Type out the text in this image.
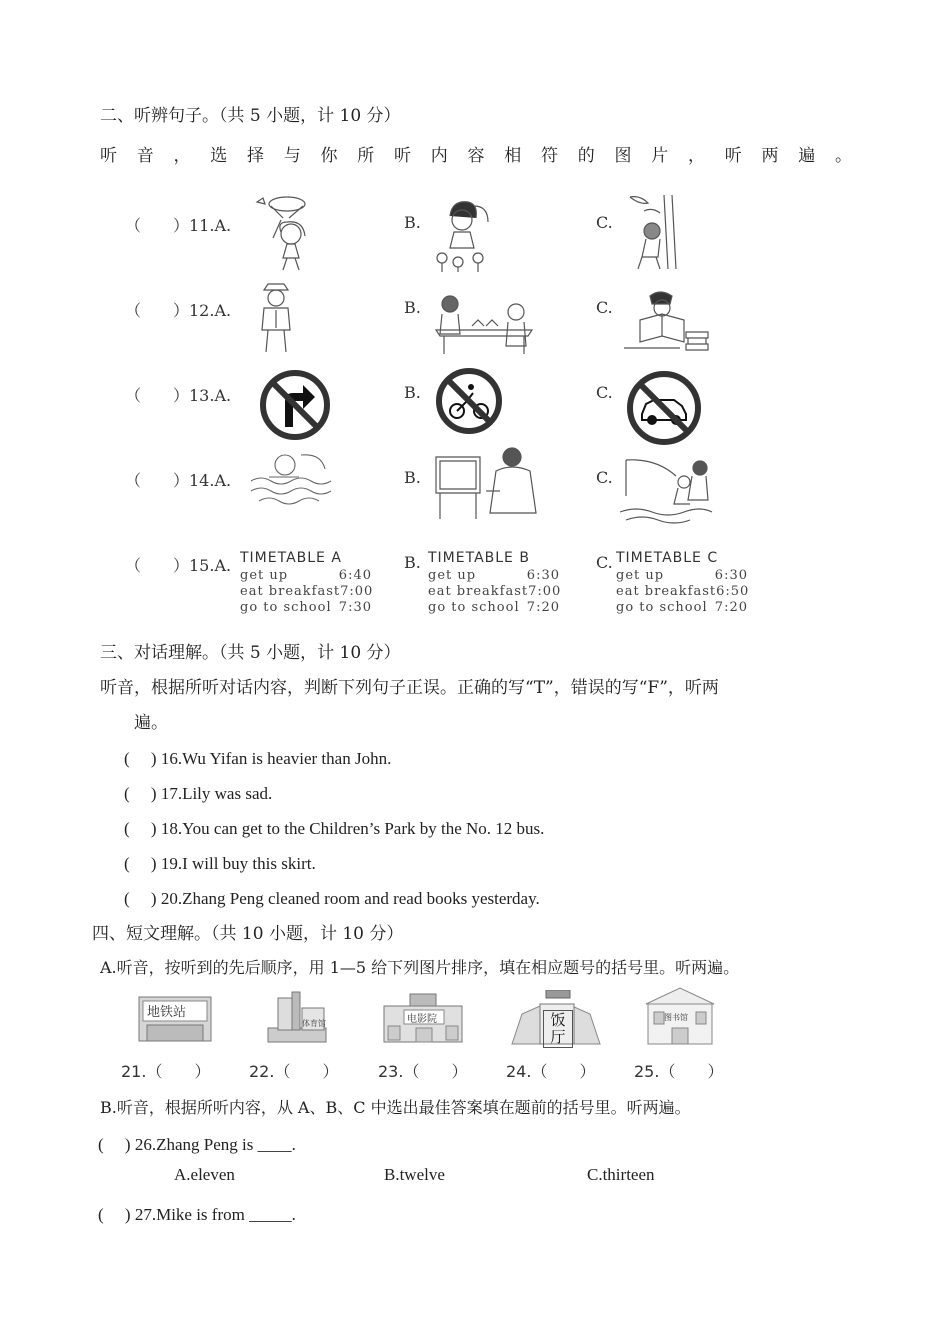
二、听辨句子。（共 5 小题，计 10 分）
听 音 ， 选 择 与 你 所 听 内 容 相 符 的 图 片 ， 听 两 遍 。
（　　）11.A.	B.	C.
（　　）12.A.	B.	C.
（　　）13.A.	B.	C.
（　　）14.A.	B.	C.
（　　）15.A. TIMETABLE A
get up	6:40
eat breakfast 7:00
go to school 7:30
B. TIMETABLE B
get up	6:30
eat breakfast 7:00
go to school 7:20
C. TIMETABLE C
get up	6:30
eat breakfast 6:50
go to school 7:20
三、对话理解。（共 5 小题，计 10 分）
听音，根据所听对话内容，判断下列句子正误。正确的写“T”，错误的写“F”，听两
遍。
(　 ) 16.Wu Yifan is heavier than John.
(　 ) 17.Lily was sad.
(　 ) 18.You can get to the Children’s Park by the No. 12 bus.
(　 ) 19.I will buy this skirt.
(　 ) 20.Zhang Peng cleaned room and read books yesterday.
四、短文理解。（共 10 小题，计 10 分）
A.听音，按听到的先后顺序，用 1—5 给下列图片排序，填在相应题号的括号里。听两遍。
地铁站
体育馆	电影院	饭厅
图书馆
21.（　　） 22.（　　） 23.（　　） 24.（　　） 25.（　　）
B.听音，根据所听内容，从 A、B、C 中选出最佳答案填在题前的括号里。听两遍。
(　 ) 26.Zhang Peng is ____.
A.eleven	B.twelve	C.thirteen
(　 ) 27.Mike is from _____.
